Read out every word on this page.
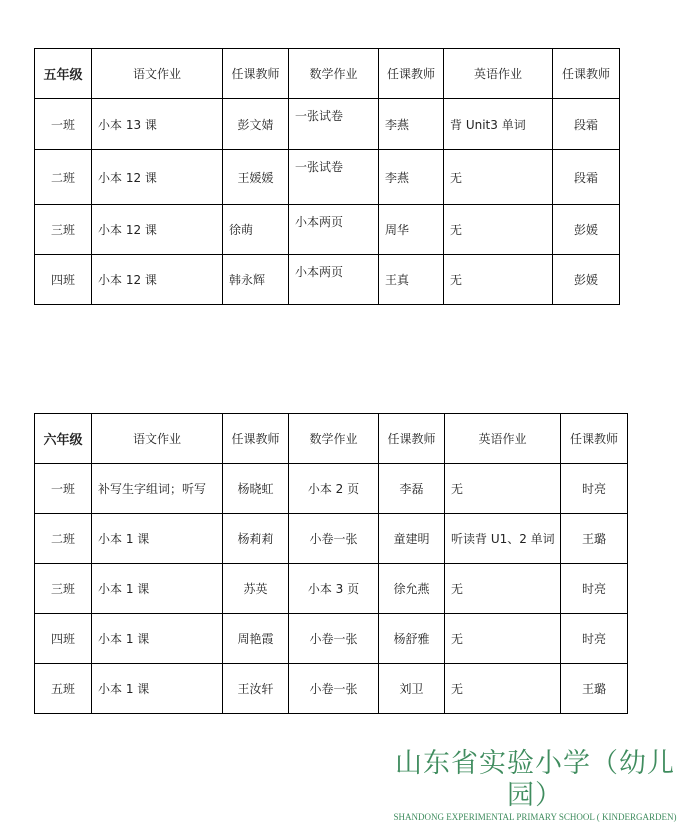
五年级	语文作业	任课教师	数学作业	任课教师	英语作业	任课教师
一班	小本 13 课	彭文婧	一张试卷	李燕	背 Unit3 单词	段霜
二班	小本 12 课	王媛媛	一张试卷	李燕	无	段霜
三班	小本 12 课	徐萌	小本两页	周华	无	彭媛
四班	小本 12 课	韩永辉	小本两页	王真	无	彭媛
六年级	语文作业	任课教师	数学作业	任课教师	英语作业	任课教师
一班	补写生字组词；听写	杨晓虹	小本 2 页	李磊	无	时亮
二班	小本 1 课	杨莉莉	小卷一张	童建明	听读背 U1、2 单词	王璐
三班	小本 1 课	苏英	小本 3 页	徐允燕	无	时亮
四班	小本 1 课	周艳霞	小卷一张	杨舒雅	无	时亮
五班	小本 1 课	王汝轩	小卷一张	刘卫	无	王璐
山东省实验小学（幼儿园）
SHANDONG EXPERIMENTAL PRIMARY SCHOOL ( KINDERGARDEN)
